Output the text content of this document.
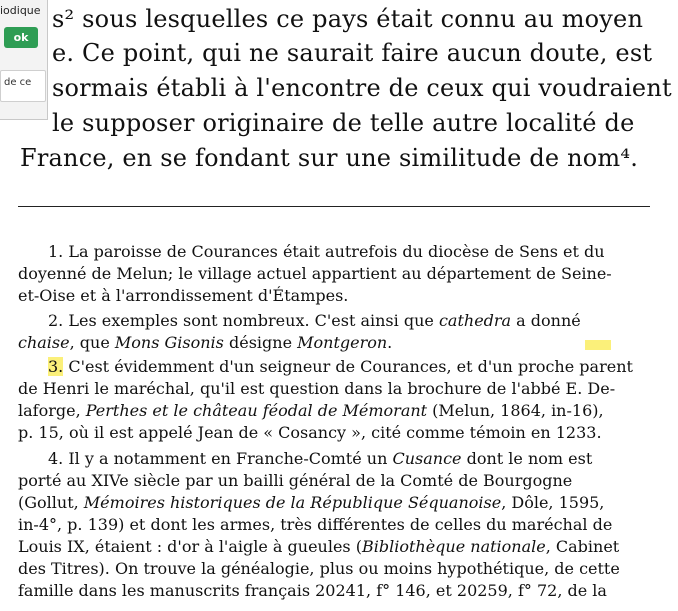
iodique
ok
de ce
s² sous lesquelles ce pays était connu au moyen
e. Ce point, qui ne saurait faire aucun doute, est
sormais établi à l'encontre de ceux qui voudraient
le supposer originaire de telle autre localité de
France, en se fondant sur une similitude de nom⁴.
1. La paroisse de Courances était autrefois du diocèse de Sens et du
doyenné de Melun; le village actuel appartient au département de Seine-
et-Oise et à l'arrondissement d'Étampes.
2. Les exemples sont nombreux. C'est ainsi que cathedra a donné
chaise, que Mons Gisonis désigne Montgeron.
3. C'est évidemment d'un seigneur de Courances, et d'un proche parent
de Henri le maréchal, qu'il est question dans la brochure de l'abbé E. De-
laforge, Perthes et le château féodal de Mémorant (Melun, 1864, in-16),
p. 15, où il est appelé Jean de « Cosancy », cité comme témoin en 1233.
4. Il y a notamment en Franche-Comté un Cusance dont le nom est
porté au XIVe siècle par un bailli général de la Comté de Bourgogne
(Gollut, Mémoires historiques de la République Séquanoise, Dôle, 1595,
in-4°, p. 139) et dont les armes, très différentes de celles du maréchal de
Louis IX, étaient : d'or à l'aigle à gueules (Bibliothèque nationale, Cabinet
des Titres). On trouve la généalogie, plus ou moins hypothétique, de cette
famille dans les manuscrits français 20241, f° 146, et 20259, f° 72, de la
